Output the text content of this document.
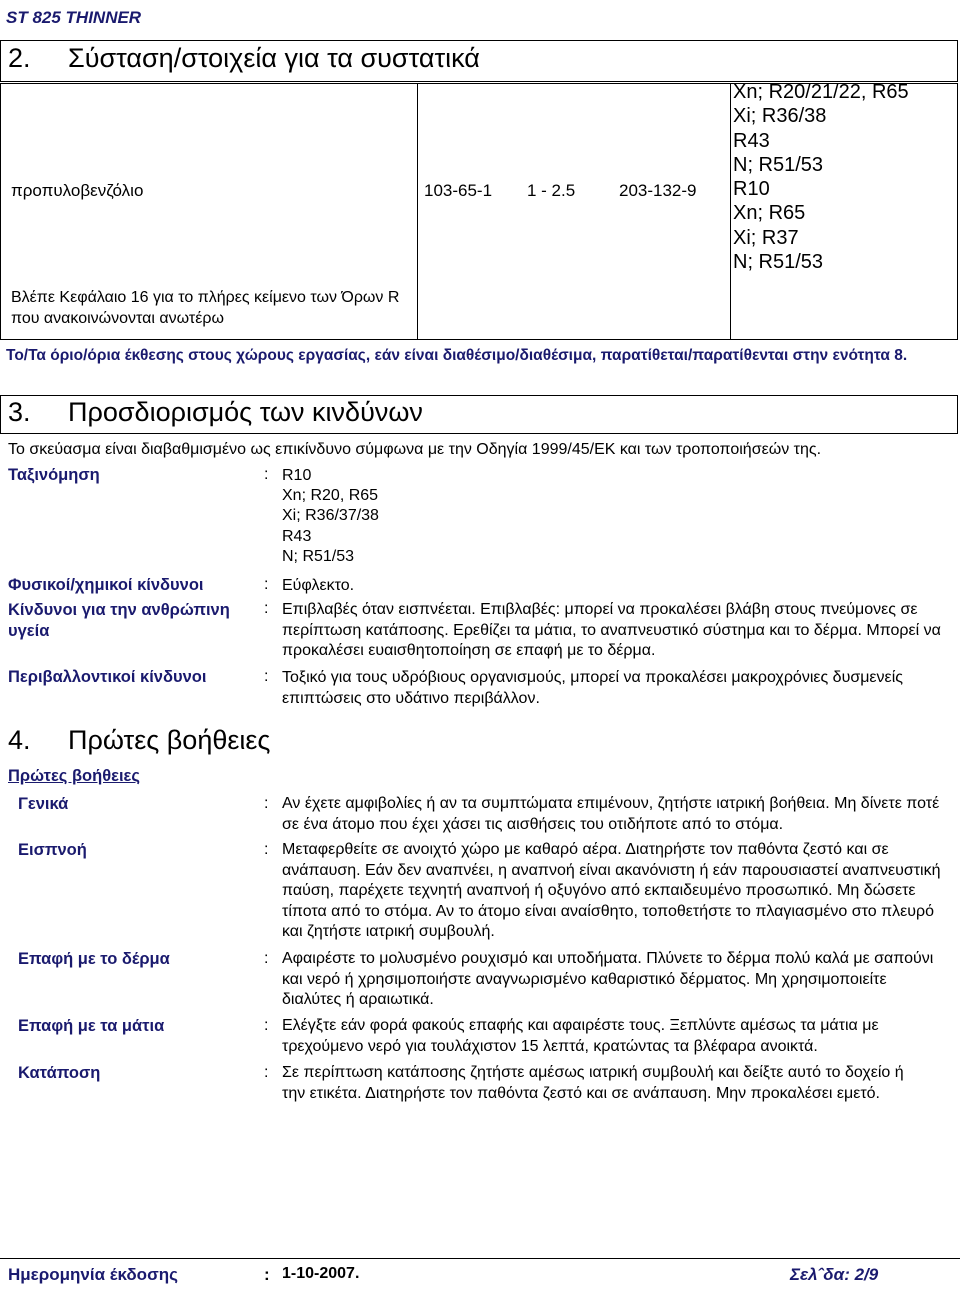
ST 825 THINNER
2. Σύσταση/στοιχεία για τα συστατικά
προπυλοβενζόλιο	103-65-1 1 - 2.5	203-132-9
Xn; R20/21/22, R65
Xi; R36/38
R43
N; R51/53
R10
Xn; R65
Xi; R37
N; R51/53
Βλέπε Κεφάλαιο 16 για το πλήρες κείμενο των Όρων R που ανακοινώνονται ανωτέρω
Το/Τα όριο/όρια έκθεσης στους χώρους εργασίας, εάν είναι διαθέσιμο/διαθέσιμα, παρατίθεται/παρατίθενται στην ενότητα 8.
3. Προσδιορισμός των κινδύνων
Το σκεύασμα είναι διαβαθμισμένο ως επικίνδυνο σύμφωνα με την Οδηγία 1999/45/ΕΚ και των τροποποιήσεών της.
Ταξινόμηση	: R10
Xn; R20, R65
Xi; R36/37/38
R43
N; R51/53
Φυσικοί/χημικοί κίνδυνοι	: Εύφλεκτο.
Κίνδυνοι για την ανθρώπινη υγεία
: Επιβλαβές όταν εισπνέεται. Επιβλαβές: μπορεί να προκαλέσει βλάβη στους πνεύμονες σε περίπτωση κατάποσης. Ερεθίζει τα μάτια, το αναπνευστικό σύστημα και το δέρμα. Μπορεί να προκαλέσει ευαισθητοποίηση σε επαφή με το δέρμα.
Περιβαλλοντικοί κίνδυνοι	: Τοξικό για τους υδρόβιους οργανισμούς, μπορεί να προκαλέσει μακροχρόνιες δυσμενείς επιπτώσεις στο υδάτινο περιβάλλον.
4. Πρώτες βοήθειες
Πρώτες βοήθειες
Γενικά	: Αν έχετε αμφιβολίες ή αν τα συμπτώματα επιμένουν, ζητήστε ιατρική βοήθεια. Μη δίνετε ποτέ σε ένα άτομο που έχει χάσει τις αισθήσεις του οτιδήποτε από το στόμα.
Εισπνοή	: Μεταφερθείτε σε ανοιχτό χώρο με καθαρό αέρα. Διατηρήστε τον παθόντα ζεστό και σε ανάπαυση. Εάν δεν αναπνέει, η αναπνοή είναι ακανόνιστη ή εάν παρουσιαστεί αναπνευστική παύση, παρέχετε τεχνητή αναπνοή ή οξυγόνο από εκπαιδευμένο προσωπικό. Μη δώσετε τίποτα από το στόμα. Αν το άτομο είναι αναίσθητο, τοποθετήστε το πλαγιασμένο στο πλευρό και ζητήστε ιατρική συμβουλή.
Επαφή με το δέρμα	: Αφαιρέστε το μολυσμένο ρουχισμό και υποδήματα. Πλύνετε το δέρμα πολύ καλά με σαπούνι και νερό ή χρησιμοποιήστε αναγνωρισμένο καθαριστικό δέρματος. Μη χρησιμοποιείτε διαλύτες ή αραιωτικά.
Επαφή με τα μάτια	: Ελέγξτε εάν φορά φακούς επαφής και αφαιρέστε τους. Ξεπλύντε αμέσως τα μάτια με τρεχούμενο νερό για τουλάχιστον 15 λεπτά, κρατώντας τα βλέφαρα ανοικτά.
Κατάποση	: Σε περίπτωση κατάποσης ζητήστε αμέσως ιατρική συμβουλή και δείξτε αυτό το δοχείο ή την ετικέτα. Διατηρήστε τον παθόντα ζεστό και σε ανάπαυση. Μην προκαλέσει εμετό.
Ημερομηνία έκδοσης	: 1-10-2007.	Σελˆδα: 2/9
